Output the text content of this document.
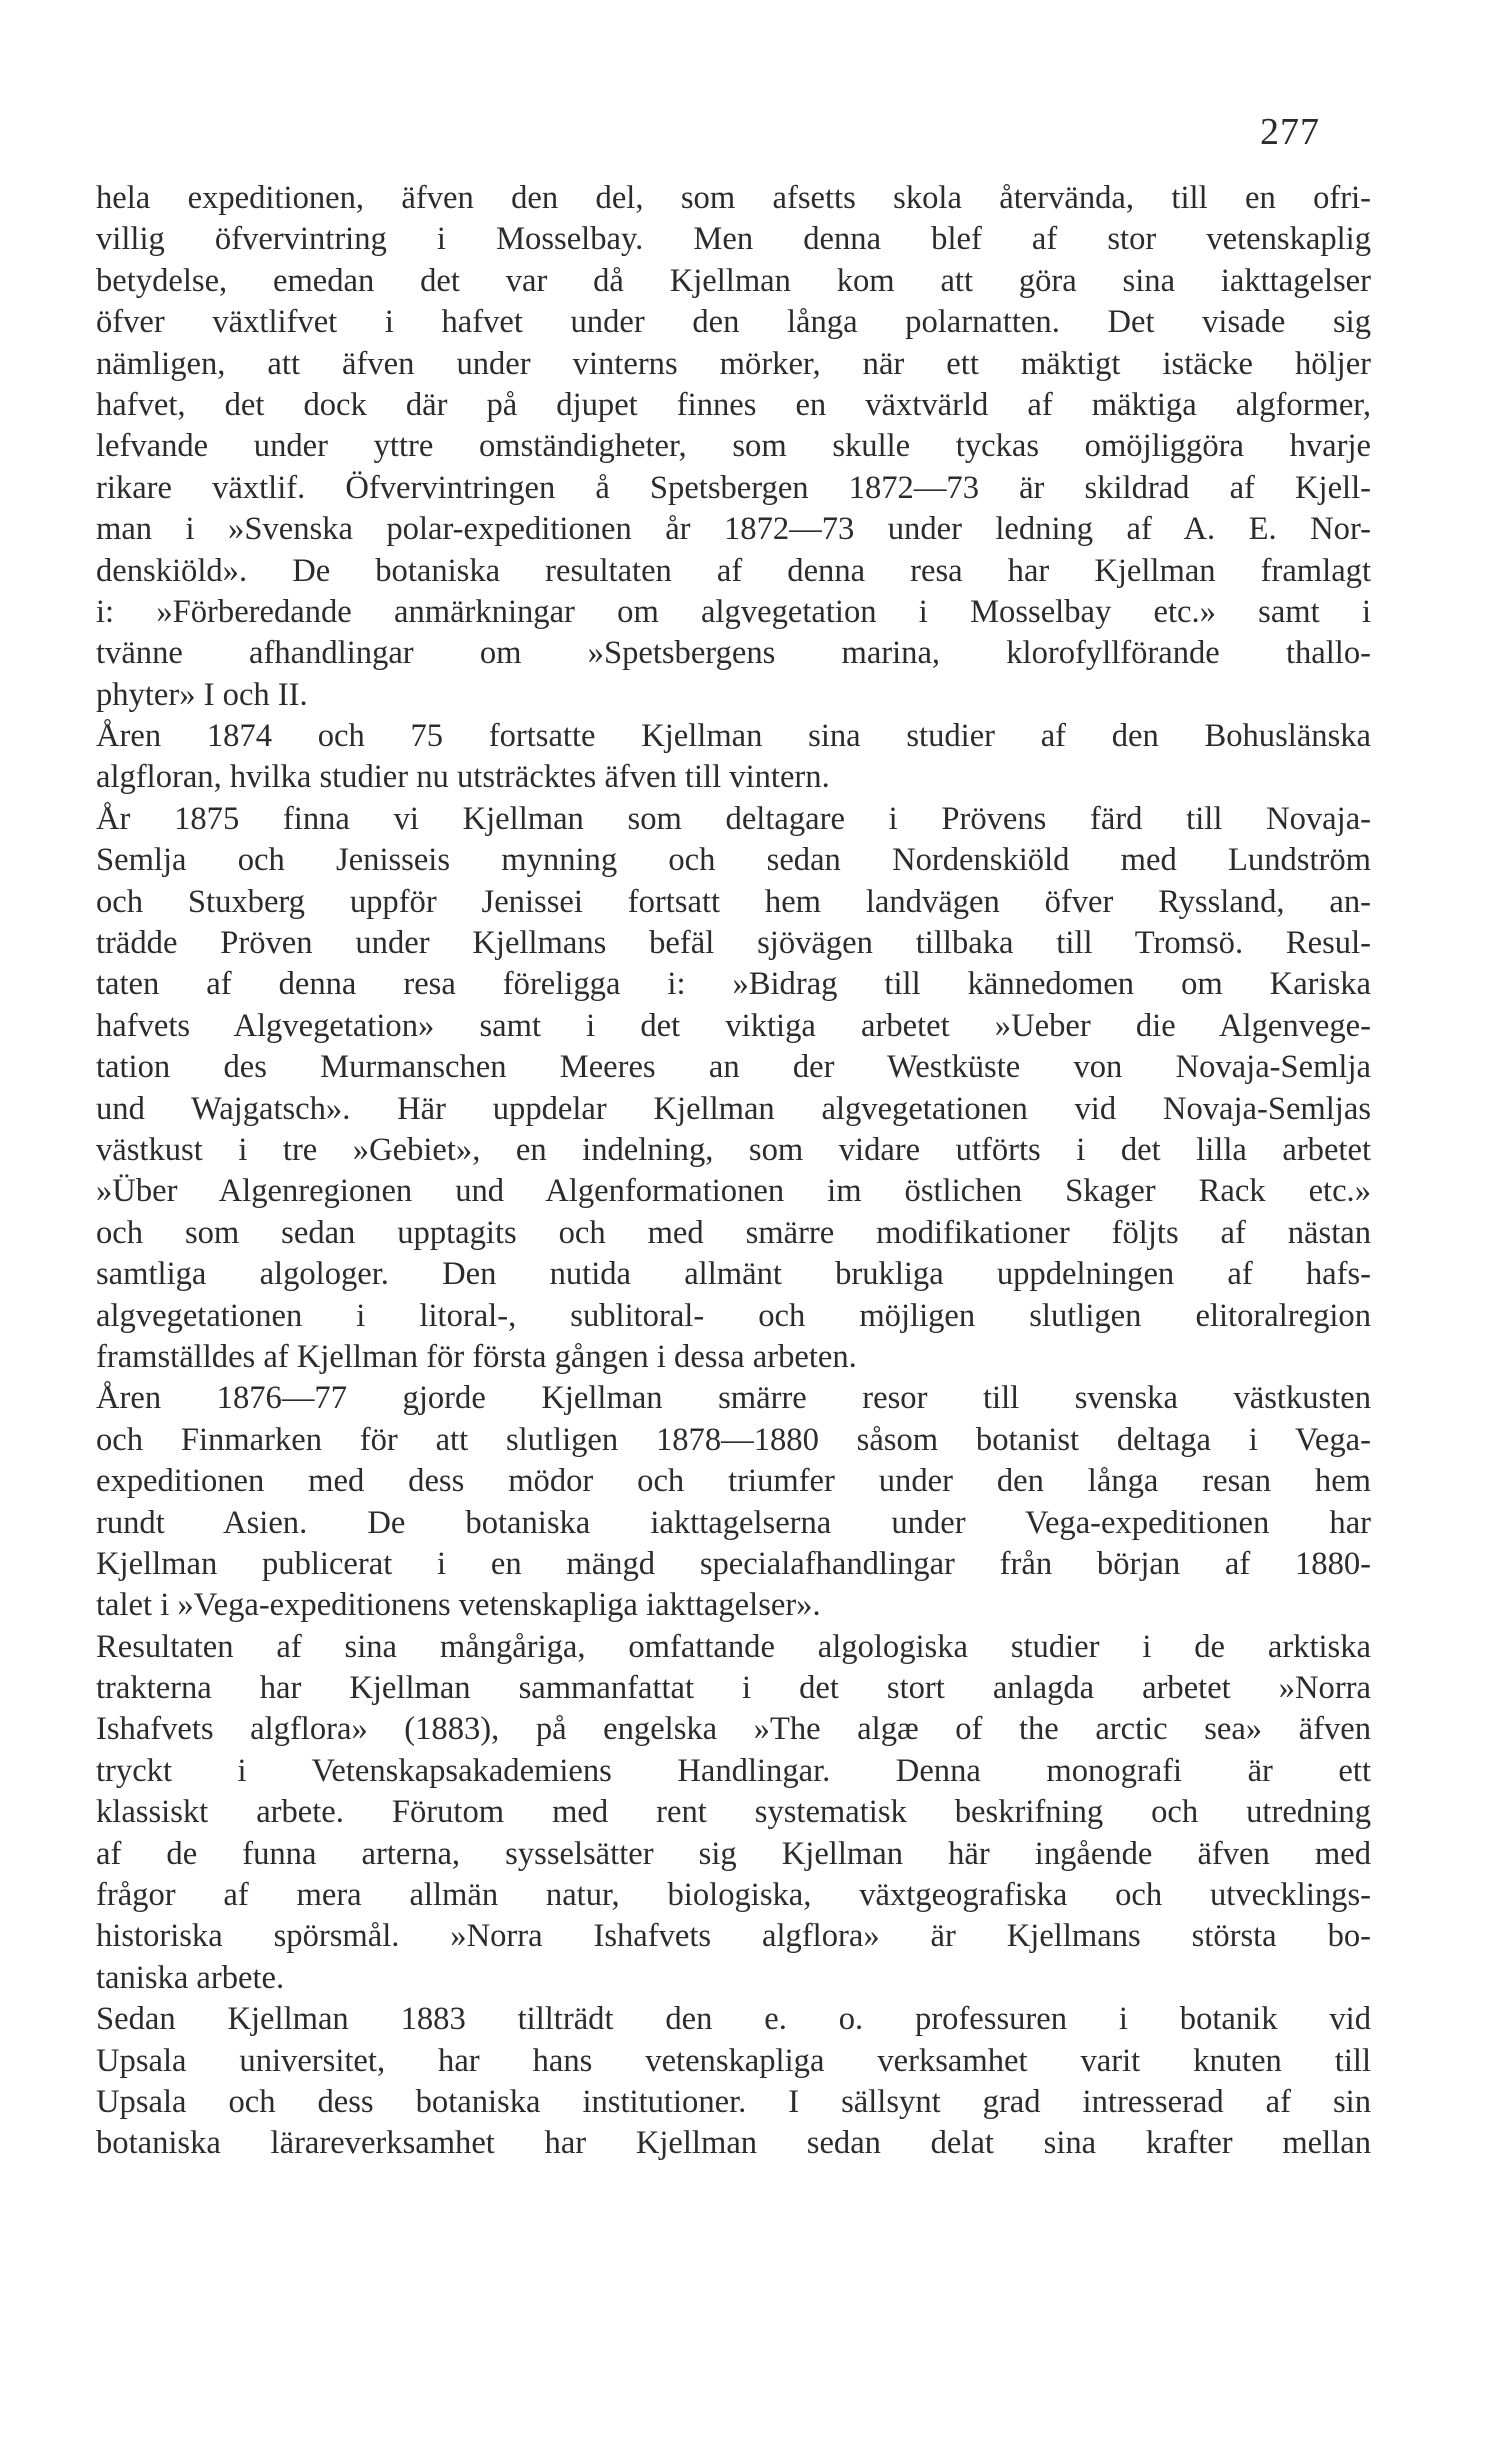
277
hela expeditionen, äfven den del, som afsetts skola återvända, till en ofri-
villig öfvervintring i Mosselbay. Men denna blef af stor vetenskaplig
betydelse, emedan det var då Kjellman kom att göra sina iakttagelser
öfver växtlifvet i hafvet under den långa polarnatten. Det visade sig
nämligen, att äfven under vinterns mörker, när ett mäktigt istäcke höljer
hafvet, det dock där på djupet finnes en växtvärld af mäktiga algformer,
lefvande under yttre omständigheter, som skulle tyckas omöjliggöra hvarje
rikare växtlif. Öfvervintringen å Spetsbergen 1872—73 är skildrad af Kjell-
man i »Svenska polar-expeditionen år 1872—73 under ledning af A. E. Nor-
denskiöld». De botaniska resultaten af denna resa har Kjellman framlagt
i: »Förberedande anmärkningar om algvegetation i Mosselbay etc.» samt i
tvänne afhandlingar om »Spetsbergens marina, klorofyllförande thallo-
phyter» I och II.
Åren 1874 och 75 fortsatte Kjellman sina studier af den Bohuslänska
algfloran, hvilka studier nu utsträcktes äfven till vintern.
År 1875 finna vi Kjellman som deltagare i Prövens färd till Novaja-
Semlja och Jenisseis mynning och sedan Nordenskiöld med Lundström
och Stuxberg uppför Jenissei fortsatt hem landvägen öfver Ryssland, an-
trädde Pröven under Kjellmans befäl sjövägen tillbaka till Tromsö. Resul-
taten af denna resa föreligga i: »Bidrag till kännedomen om Kariska
hafvets Algvegetation» samt i det viktiga arbetet »Ueber die Algenvege-
tation des Murmanschen Meeres an der Westküste von Novaja-Semlja
und Wajgatsch». Här uppdelar Kjellman algvegetationen vid Novaja-Semljas
västkust i tre »Gebiet», en indelning, som vidare utförts i det lilla arbetet
»Über Algenregionen und Algenformationen im östlichen Skager Rack etc.»
och som sedan upptagits och med smärre modifikationer följts af nästan
samtliga algologer. Den nutida allmänt brukliga uppdelningen af hafs-
algvegetationen i litoral-, sublitoral- och möjligen slutligen elitoralregion
framställdes af Kjellman för första gången i dessa arbeten.
Åren 1876—77 gjorde Kjellman smärre resor till svenska västkusten
och Finmarken för att slutligen 1878—1880 såsom botanist deltaga i Vega-
expeditionen med dess mödor och triumfer under den långa resan hem
rundt Asien. De botaniska iakttagelserna under Vega-expeditionen har
Kjellman publicerat i en mängd specialafhandlingar från början af 1880-
talet i »Vega-expeditionens vetenskapliga iakttagelser».
Resultaten af sina mångåriga, omfattande algologiska studier i de arktiska
trakterna har Kjellman sammanfattat i det stort anlagda arbetet »Norra
Ishafvets algflora» (1883), på engelska »The algæ of the arctic sea» äfven
tryckt i Vetenskapsakademiens Handlingar. Denna monografi är ett
klassiskt arbete. Förutom med rent systematisk beskrifning och utredning
af de funna arterna, sysselsätter sig Kjellman här ingående äfven med
frågor af mera allmän natur, biologiska, växtgeografiska och utvecklings-
historiska spörsmål. »Norra Ishafvets algflora» är Kjellmans största bo-
taniska arbete.
Sedan Kjellman 1883 tillträdt den e. o. professuren i botanik vid
Upsala universitet, har hans vetenskapliga verksamhet varit knuten till
Upsala och dess botaniska institutioner. I sällsynt grad intresserad af sin
botaniska lärareverksamhet har Kjellman sedan delat sina krafter mellan
